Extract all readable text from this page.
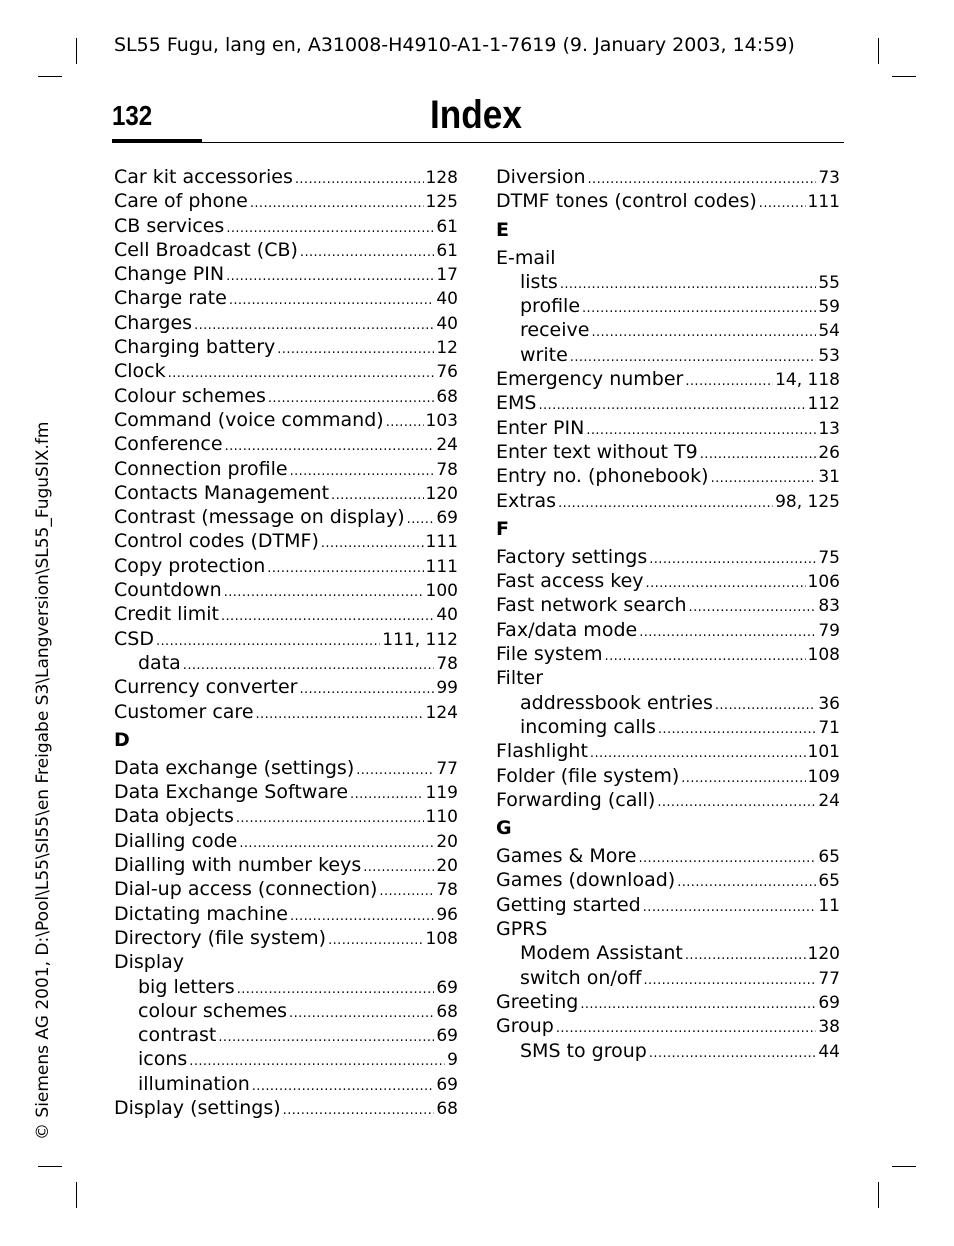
SL55 Fugu, lang en, A31008-H4910-A1-1-7619 (9. January 2003, 14:59)
132	Index
© Siemens AG 2001, D:\Pool\L55\SI55\en Freigabe S3\Langversion\SL55_FuguSIX.fm
Car kit accessories .....	128
Care of phone .....	125
CB services .....	61
Cell Broadcast (CB) .....	61
Change PIN .....	17
Charge rate .....	40
Charges .....	40
Charging battery .....	12
Clock .....	76
Colour schemes .....	68
Command (voice command) ..... 103
Conference .....	24
Connection profile .....	78
Contacts Management .....	120
Contrast (message on display) ..... 69
Control codes (DTMF) .....	111
Copy protection .....	111
Countdown .....	100
Credit limit .....	40
CSD .....	111, 112
data .....	78
Currency converter .....	99
Customer care .....	124
D
Data exchange (settings) .....	77
Data Exchange Software .....	119
Data objects .....	110
Dialling code .....	20
Dialling with number keys .....	20
Dial-up access (connection) .....	78
Dictating machine .....	96
Directory (file system) .....	108
Display
big letters .....	69
colour schemes .....	68
contrast .....	69
icons .....	9
illumination .....	69
Display (settings) .....	68
Diversion .....	73
DTMF tones (control codes) .....	111
E
E-mail
lists .....	55
profile .....	59
receive .....	54
write .....	53
Emergency number .....	14, 118
EMS .....	112
Enter PIN .....	13
Enter text without T9 .....	26
Entry no. (phonebook) .....	31
Extras .....	98, 125
F
Factory settings .....	75
Fast access key .....	106
Fast network search .....	83
Fax/data mode .....	79
File system .....	108
Filter
addressbook entries .....	36
incoming calls .....	71
Flashlight .....	101
Folder (file system) .....	109
Forwarding (call) .....	24
G
Games & More .....	65
Games (download) .....	65
Getting started .....	11
GPRS
Modem Assistant .....	120
switch on/off .....	77
Greeting .....	69
Group .....	38
SMS to group .....	44
